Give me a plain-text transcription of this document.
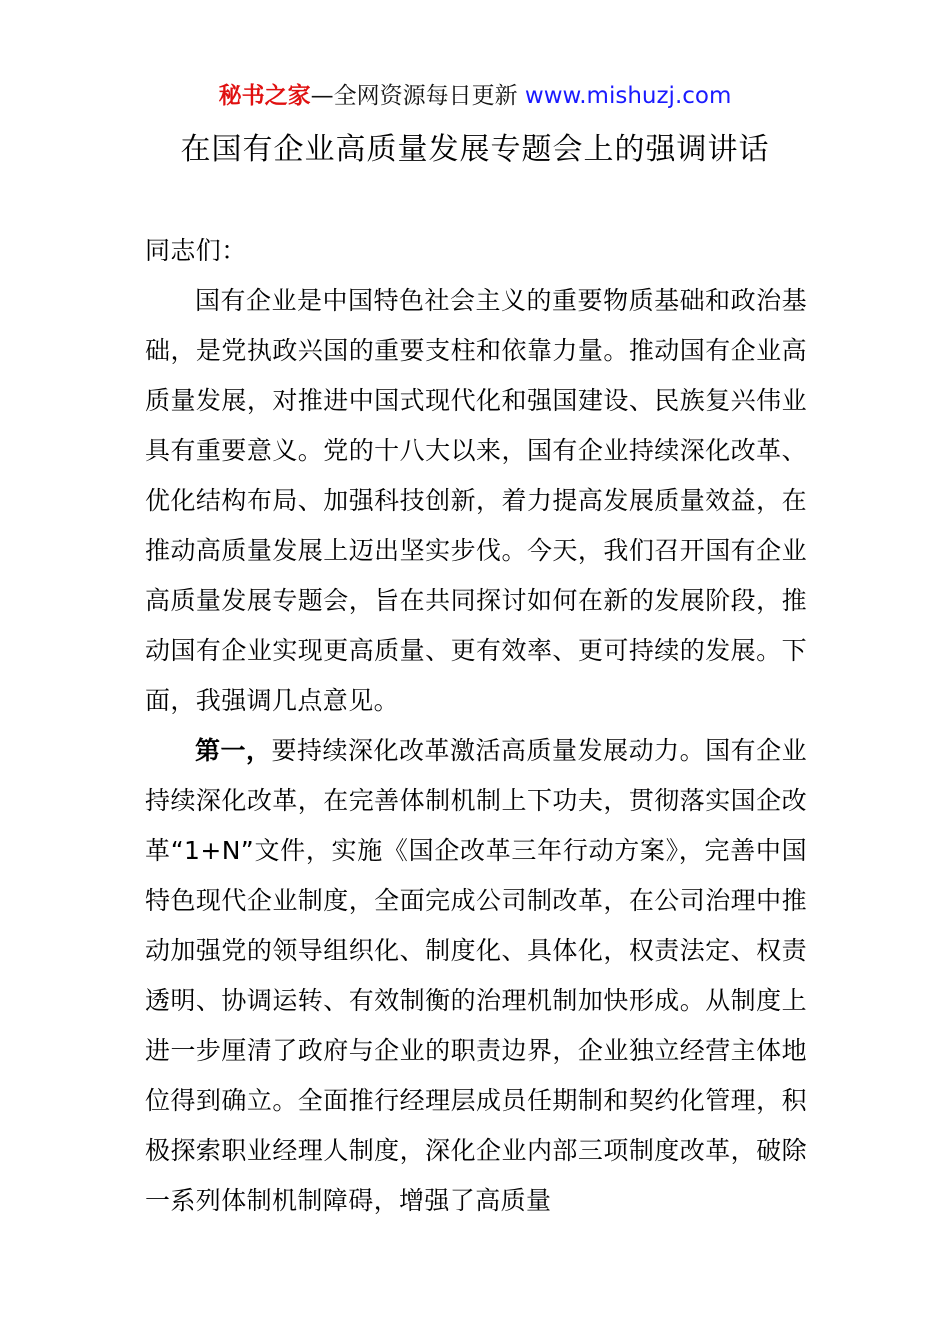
秘书之家—全网资源每日更新 www.mishuzj.com
在国有企业高质量发展专题会上的强调讲话

同志们：

国有企业是中国特色社会主义的重要物质基础和政治基础，是党执政兴国的重要支柱和依靠力量。推动国有企业高质量发展，对推进中国式现代化和强国建设、民族复兴伟业具有重要意义。党的十八大以来，国有企业持续深化改革、优化结构布局、加强科技创新，着力提高发展质量效益，在推动高质量发展上迈出坚实步伐。今天，我们召开国有企业高质量发展专题会，旨在共同探讨如何在新的发展阶段，推动国有企业实现更高质量、更有效率、更可持续的发展。下面，我强调几点意见。

第一，要持续深化改革激活高质量发展动力。国有企业持续深化改革，在完善体制机制上下功夫，贯彻落实国企改革“1+N”文件，实施《国企改革三年行动方案》，完善中国特色现代企业制度，全面完成公司制改革，在公司治理中推动加强党的领导组织化、制度化、具体化，权责法定、权责透明、协调运转、有效制衡的治理机制加快形成。从制度上进一步厘清了政府与企业的职责边界，企业独立经营主体地位得到确立。全面推行经理层成员任期制和契约化管理，积极探索职业经理人制度，深化企业内部三项制度改革，破除一系列体制机制障碍，增强了高质量
